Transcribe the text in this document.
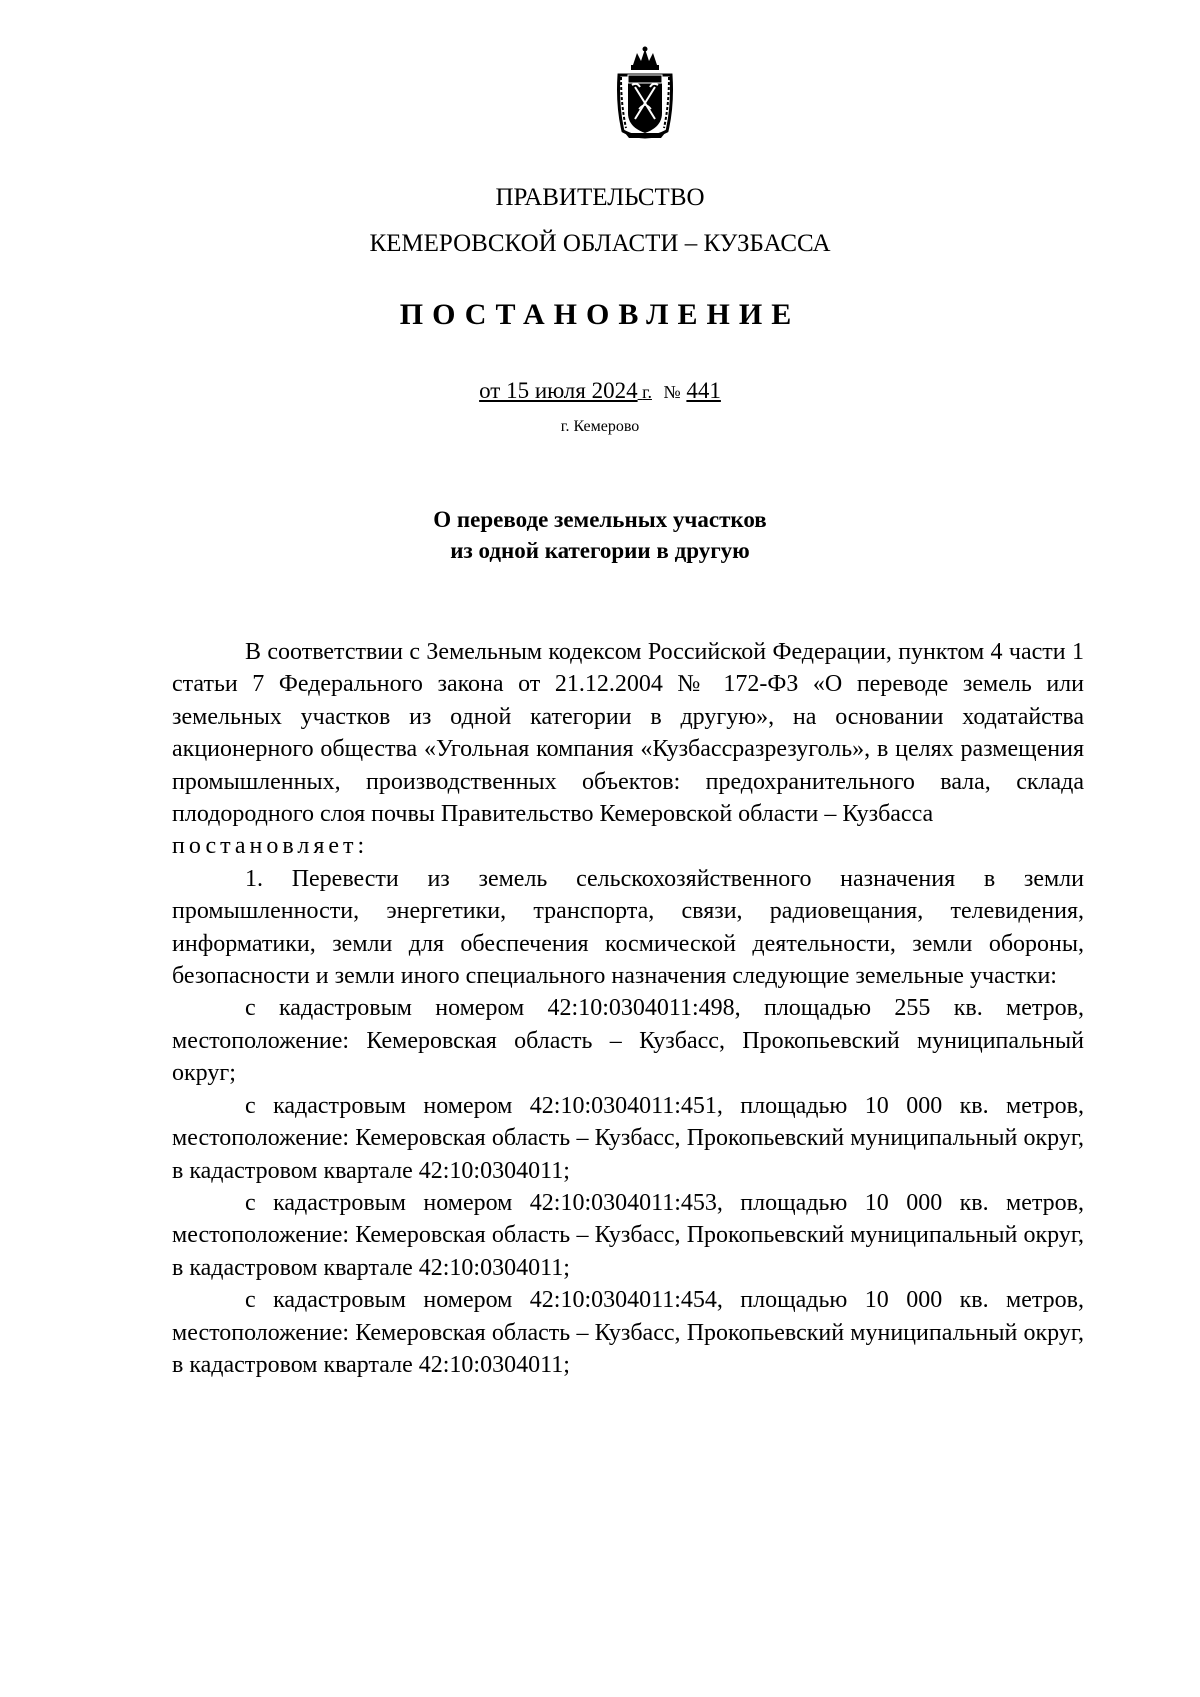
ПРАВИТЕЛЬСТВО
КЕМЕРОВСКОЙ ОБЛАСТИ – КУЗБАССА
ПОСТАНОВЛЕНИЕ
от 15 июля 2024 г. № 441
г. Кемерово
О переводе земельных участков
из одной категории в другую

В соответствии с Земельным кодексом Российской Федерации, пунктом 4 части 1 статьи 7 Федерального закона от 21.12.2004 № 172-ФЗ «О переводе земель или земельных участков из одной категории в другую», на основании ходатайства акционерного общества «Угольная компания «Кузбассразрезуголь», в целях размещения промышленных, производственных объектов: предохранительного вала, склада плодородного слоя почвы Правительство Кемеровской области – Кузбасса

постановляет:

1. Перевести из земель сельскохозяйственного назначения в земли промышленности, энергетики, транспорта, связи, радиовещания, телевидения, информатики, земли для обеспечения космической деятельности, земли обороны, безопасности и земли иного специального назначения следующие земельные участки:

с кадастровым номером 42:10:0304011:498, площадью 255 кв. метров, местоположение: Кемеровская область – Кузбасс, Прокопьевский муниципальный округ;

с кадастровым номером 42:10:0304011:451, площадью 10 000 кв. метров, местоположение: Кемеровская область – Кузбасс, Прокопьевский муниципальный округ, в кадастровом квартале 42:10:0304011;

с кадастровым номером 42:10:0304011:453, площадью 10 000 кв. метров, местоположение: Кемеровская область – Кузбасс, Прокопьевский муниципальный округ, в кадастровом квартале 42:10:0304011;

с кадастровым номером 42:10:0304011:454, площадью 10 000 кв. метров, местоположение: Кемеровская область – Кузбасс, Прокопьевский муниципальный округ, в кадастровом квартале 42:10:0304011;
